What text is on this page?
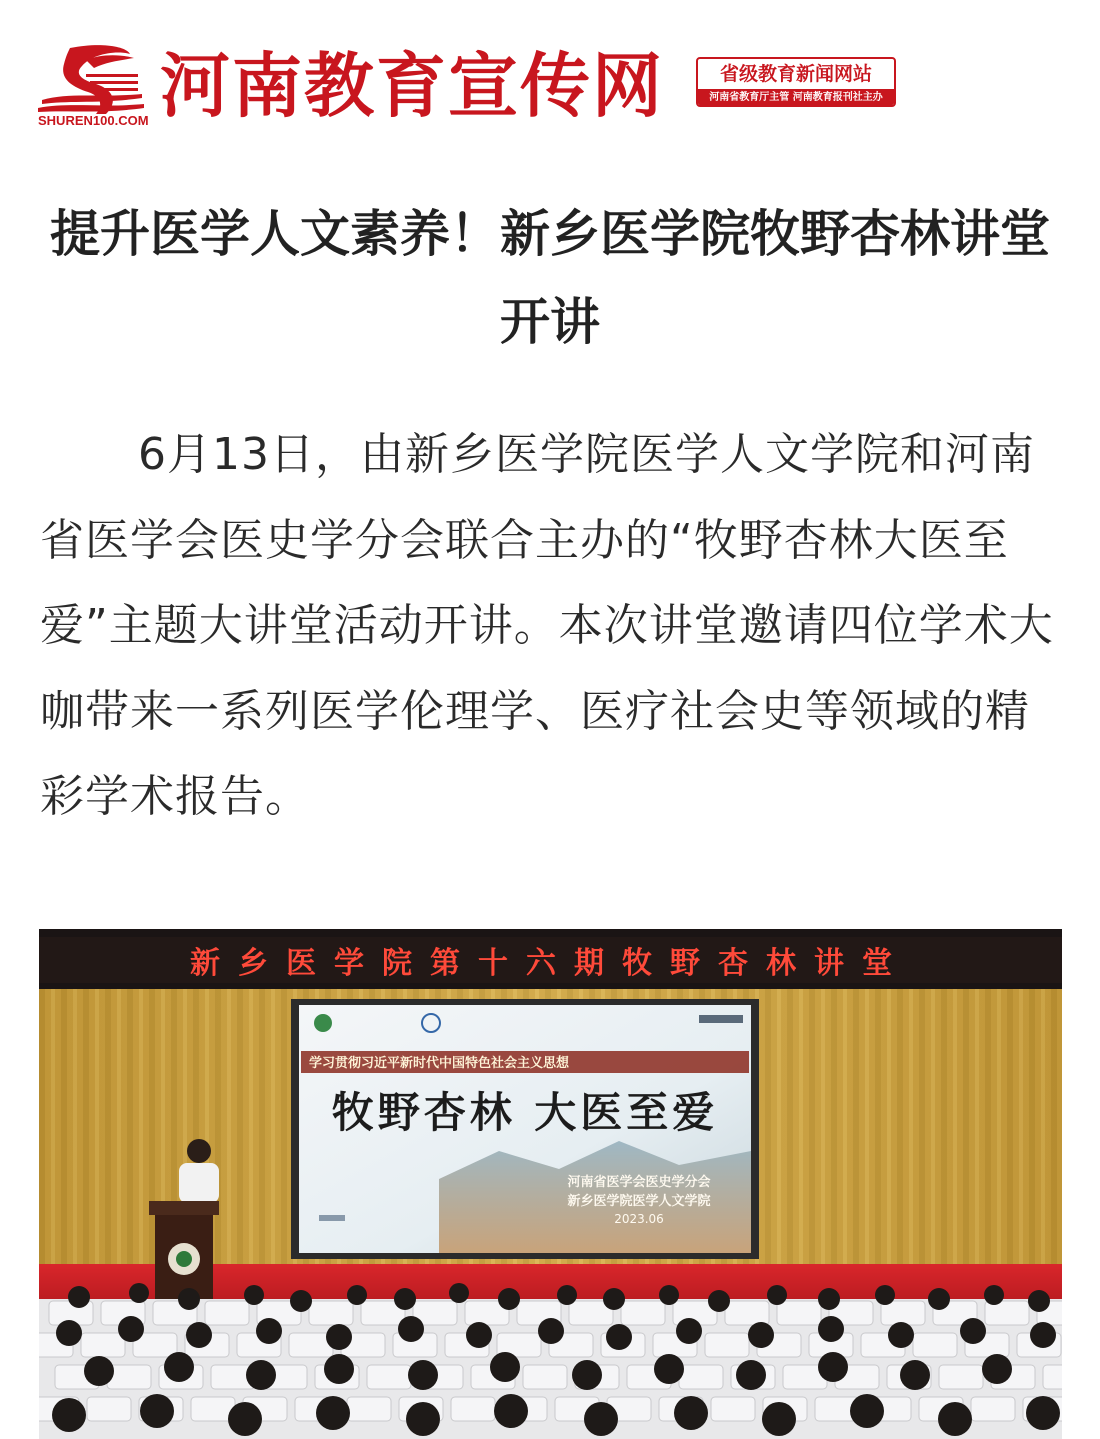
SHUREN100.COM 河南教育宣传网	省级教育新闻网站
河南省教育厅主管 河南教育报刊社主办
提升医学人文素养！新乡医学院牧野杏林讲堂开讲

6月13日，由新乡医学院医学人文学院和河南省医学会医史学分会联合主办的“牧野杏林大医至爱”主题大讲堂活动开讲。本次讲堂邀请四位学术大咖带来一系列医学伦理学、医疗社会史等领域的精彩学术报告。

新乡医学院第十六期牧野杏林讲堂
学习贯彻习近平新时代中国特色社会主义思想
牧野杏林 大医至爱
河南省医学会医史学分会
新乡医学院医学人文学院
2023.06
